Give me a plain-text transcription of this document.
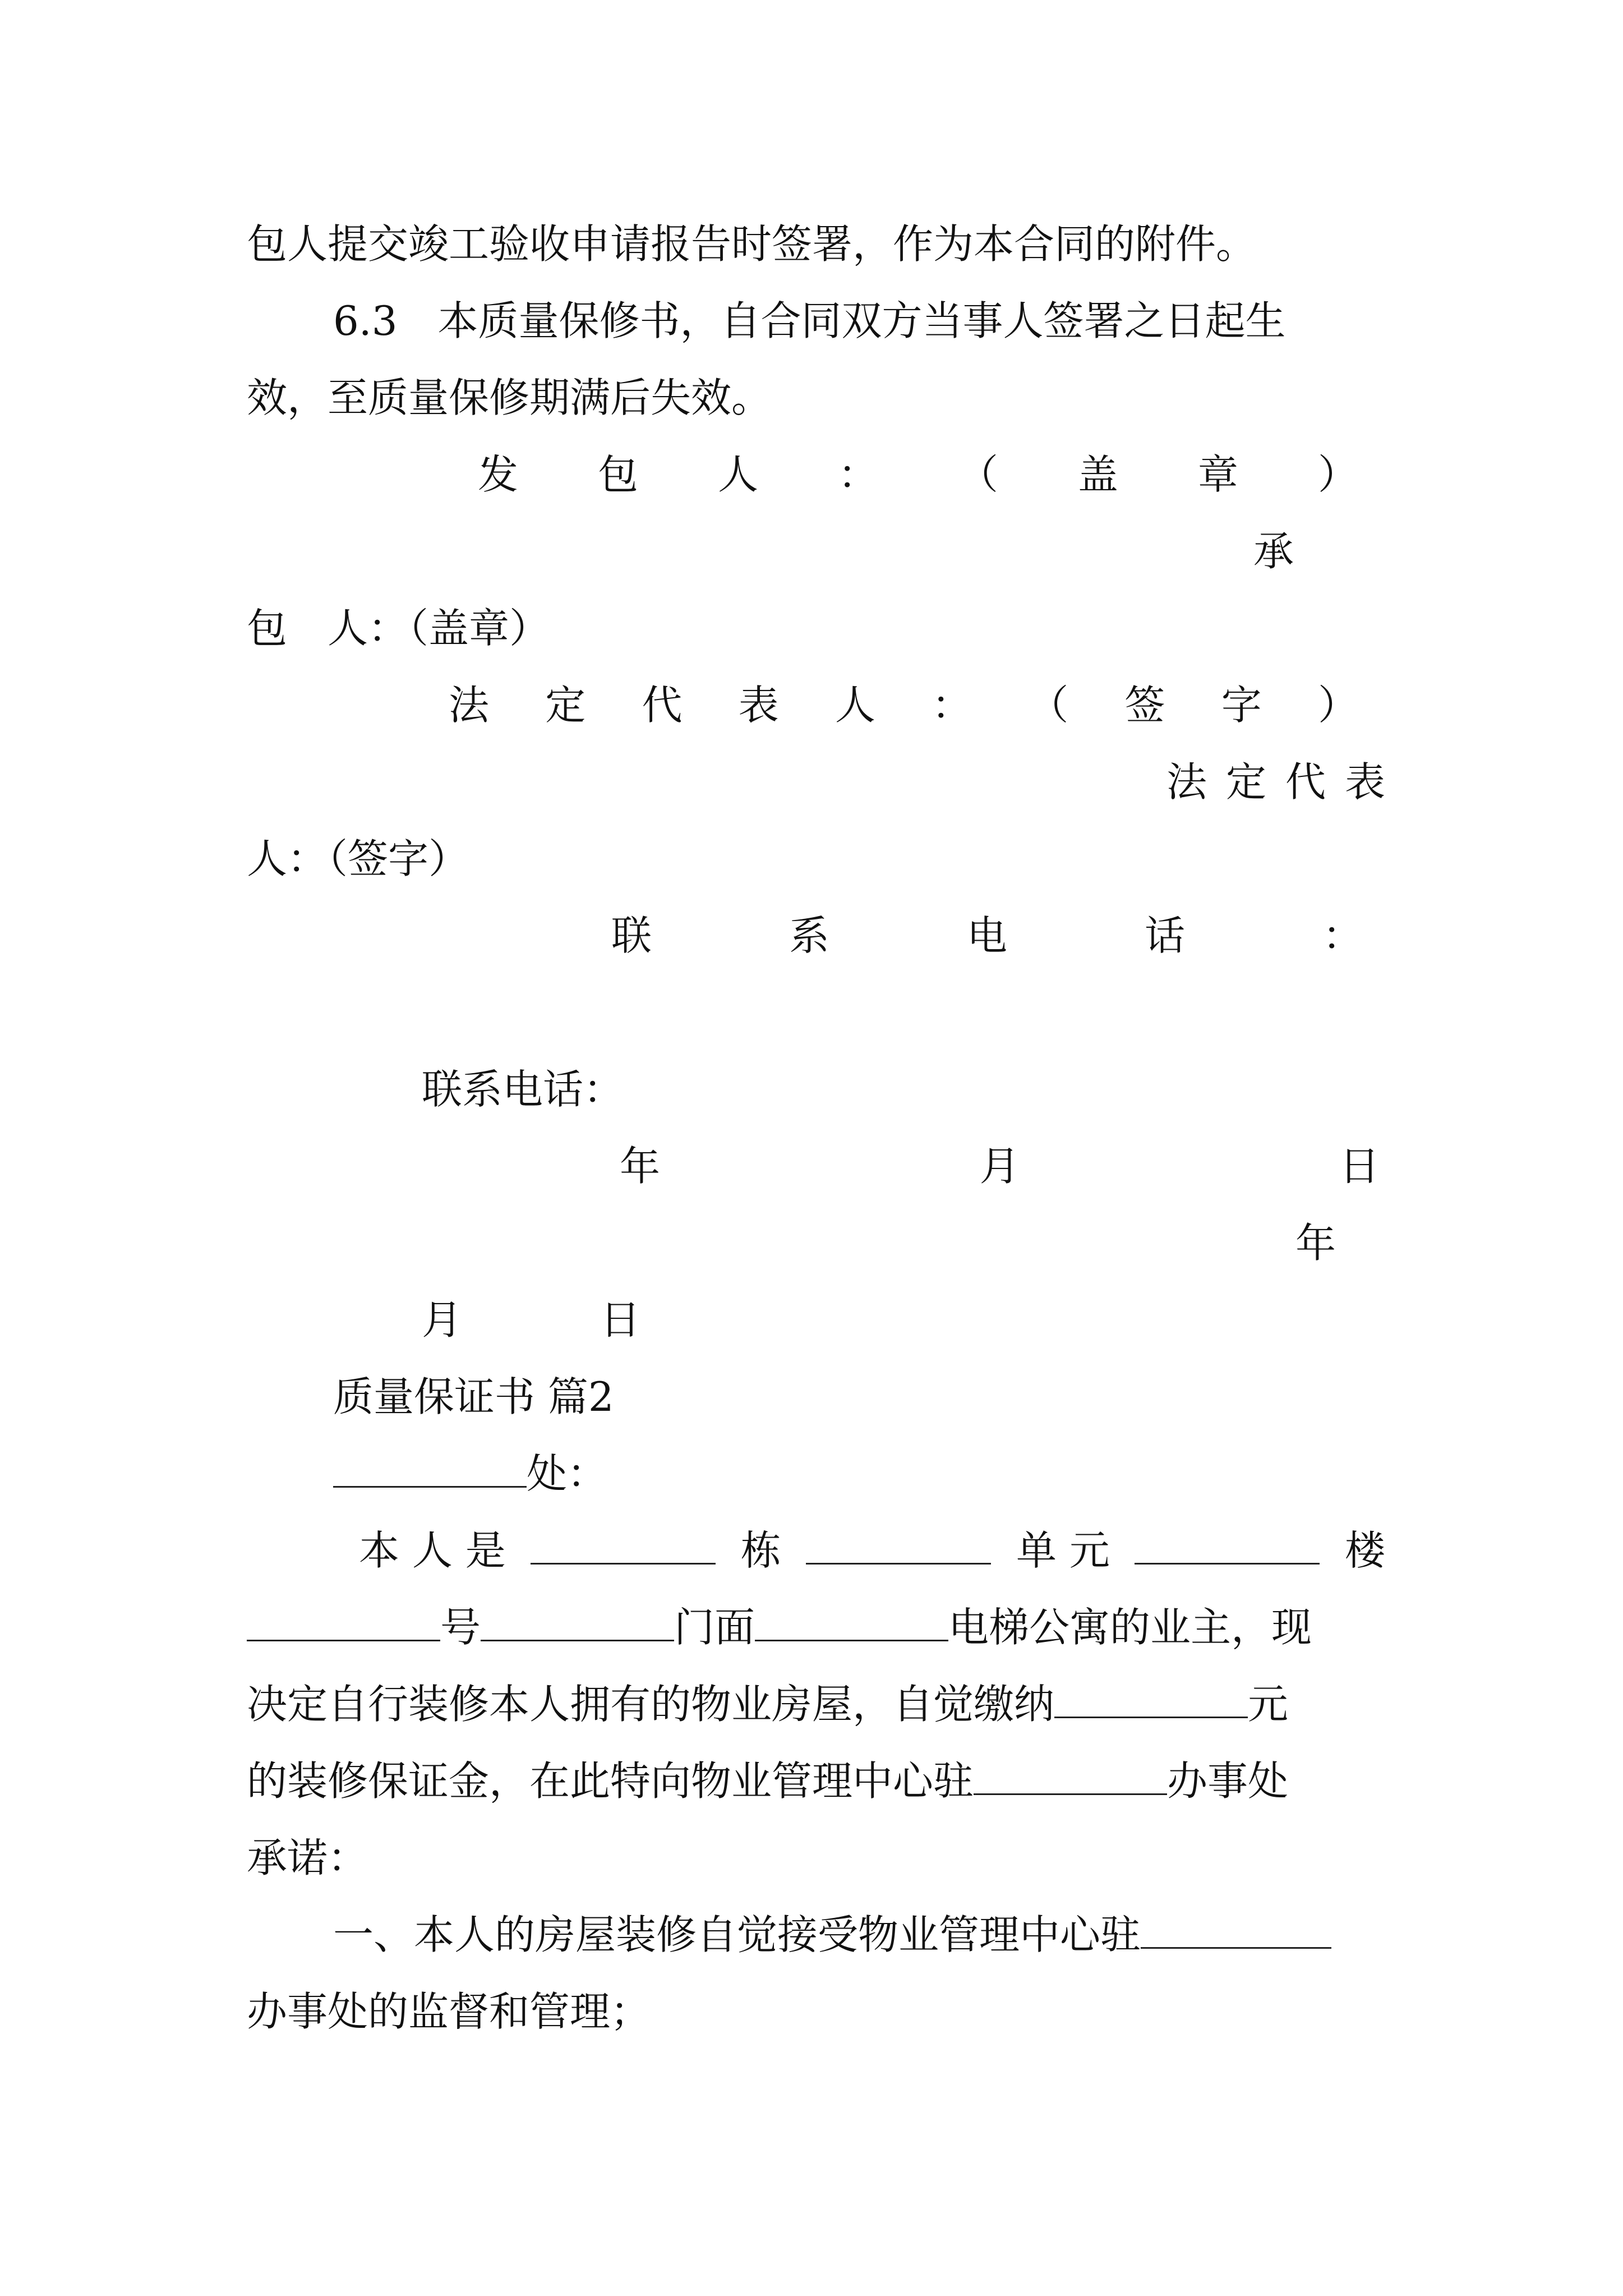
包人提交竣工验收申请报告时签署，作为本合同的附件。
6.3　本质量保修书，自合同双方当事人签署之日起生
效，至质量保修期满后失效。
发 包 人 ： （ 盖 章 ）
承
包　人：（盖章）
法 定 代 表 人 ： （ 签 字 ）
法 定 代 表
人：（签字）
联	系	电	话	：
联系电话：
年	月	日
年
月	日
质量保证书 篇2
处：
本 人 是	栋	单 元	楼
号	门面	电梯公寓的业主，现
决定自行装修本人拥有的物业房屋，自觉缴纳	元
的装修保证金，在此特向物业管理中心驻	办事处
承诺：
一、本人的房屋装修自觉接受物业管理中心驻
办事处的监督和管理；
